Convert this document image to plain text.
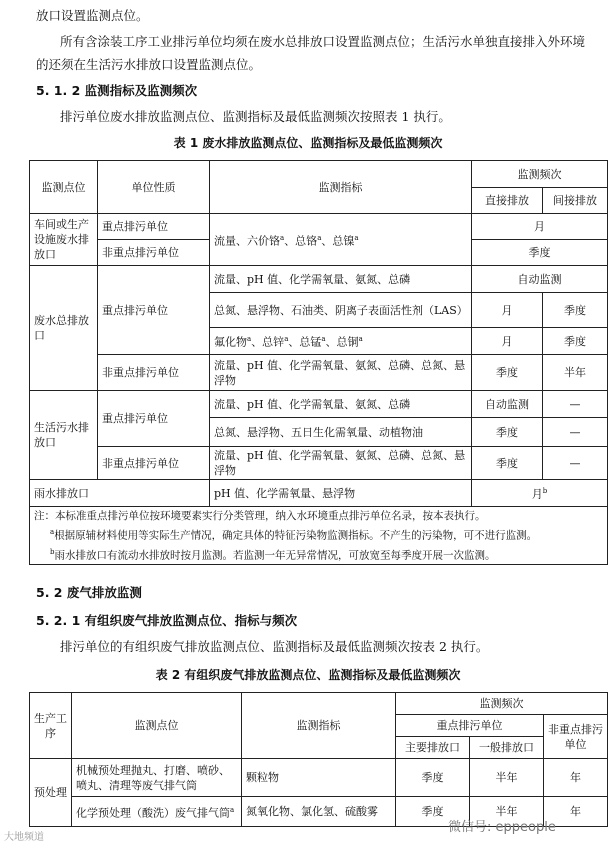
放口设置监测点位。
所有含涂装工序工业排污单位均须在废水总排放口设置监测点位；生活污水单独直接排入外环境
的还须在生活污水排放口设置监测点位。
5. 1. 2 监测指标及监测频次
排污单位废水排放监测点位、监测指标及最低监测频次按照表 1 执行。
表 1 废水排放监测点位、监测指标及最低监测频次
监测点位	单位性质	监测指标	监测频次	
			直接排放	间接排放
车间或生产设施废水排放口	重点排污单位	流量、六价铬$^a$、总铬$^a$、总镍$^a$	月	
	非重点排污单位		季度	
废水总排放口	重点排污单位	流量、pH 值、化学需氧量、氨氮、总磷	自动监测	
		总氮、悬浮物、石油类、阴离子表面活性剂（LAS）	月	季度
		氟化物$^a$、总锌$^a$、总锰$^a$、总铜$^a$	月	季度
	非重点排污单位	流量、pH 值、化学需氧量、氨氮、总磷、总氮、悬浮物	季度	半年
生活污水排放口	重点排污单位	流量、pH 值、化学需氧量、氨氮、总磷	自动监测	—
		总氮、悬浮物、五日生化需氧量、动植物油	季度	—
	非重点排污单位	流量、pH 值、化学需氧量、氨氮、总磷、总氮、悬浮物	季度	—
雨水排放口		pH 值、化学需氧量、悬浮物	月$^b$

注：本标准重点排污单位按环境要素实行分类管理，纳入水环境重点排污单位名录，按本表执行。
$^a$根据原辅材料使用等实际生产情况，确定具体的特征污染物监测指标。不产生的污染物，可不进行监测。
$^b$雨水排放口有流动水排放时按月监测。若监测一年无异常情况，可放宽至每季度开展一次监测。				
5. 2 废气排放监测
5. 2. 1 有组织废气排放监测点位、指标与频次
排污单位的有组织废气排放监测点位、监测指标及最低监测频次按表 2 执行。
表 2 有组织废气排放监测点位、监测指标及最低监测频次
生产工序	监测点位	监测指标	监测频次		
			重点排污单位		非重点排污单位
			主要排放口	一般排放口	
预处理	机械预处理抛丸、打磨、喷砂、喷丸、清理等废气排气筒	颗粒物	季度	半年	年
	化学预处理（酸洗）废气排气筒$^a$	氮氧化物、氯化氢、硫酸雾	季度	半年	年
大地频道
微信号: eppeople
